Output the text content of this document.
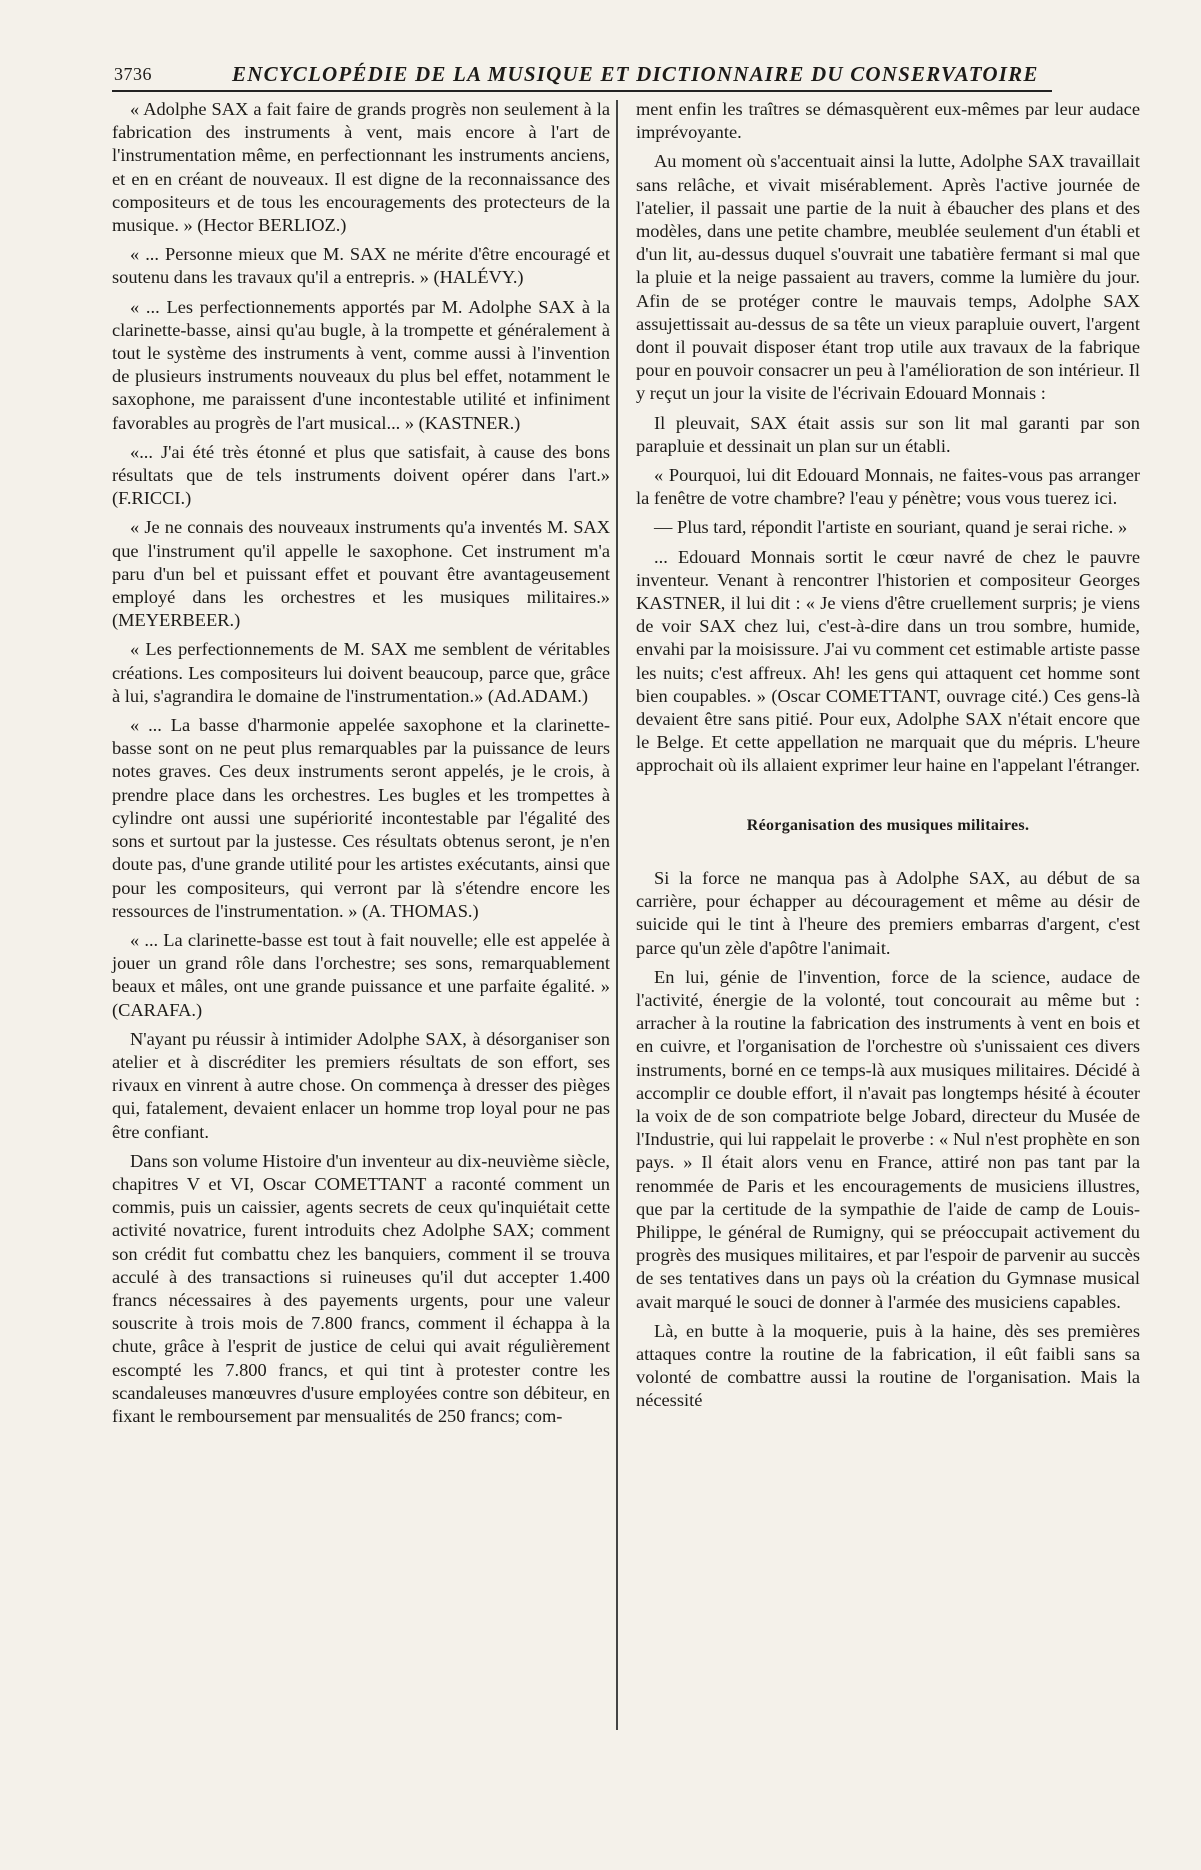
3736	ENCYCLOPÉDIE DE LA MUSIQUE ET DICTIONNAIRE DU CONSERVATOIRE

« Adolphe SAX a fait faire de grands progrès non seulement à la fabrication des instruments à vent, mais encore à l'art de l'instrumentation même, en perfectionnant les instruments anciens, et en en créant de nouveaux. Il est digne de la reconnaissance des compositeurs et de tous les encouragements des protecteurs de la musique. » (Hector BERLIOZ.)

« ... Personne mieux que M. SAX ne mérite d'être encouragé et soutenu dans les travaux qu'il a entrepris. » (HALÉVY.)

« ... Les perfectionnements apportés par M. Adolphe SAX à la clarinette-basse, ainsi qu'au bugle, à la trompette et généralement à tout le système des instruments à vent, comme aussi à l'invention de plusieurs instruments nouveaux du plus bel effet, notamment le saxophone, me paraissent d'une incontestable utilité et infiniment favorables au progrès de l'art musical... » (KASTNER.)

«... J'ai été très étonné et plus que satisfait, à cause des bons résultats que de tels instruments doivent opérer dans l'art.» (F.RICCI.)

« Je ne connais des nouveaux instruments qu'a inventés M. SAX que l'instrument qu'il appelle le saxophone. Cet instrument m'a paru d'un bel et puissant effet et pouvant être avantageusement employé dans les orchestres et les musiques militaires.» (MEYERBEER.)

« Les perfectionnements de M. SAX me semblent de véritables créations. Les compositeurs lui doivent beaucoup, parce que, grâce à lui, s'agrandira le domaine de l'instrumentation.» (Ad.ADAM.)

« ... La basse d'harmonie appelée saxophone et la clarinette-basse sont on ne peut plus remarquables par la puissance de leurs notes graves. Ces deux instruments seront appelés, je le crois, à prendre place dans les orchestres. Les bugles et les trompettes à cylindre ont aussi une supériorité incontestable par l'égalité des sons et surtout par la justesse. Ces résultats obtenus seront, je n'en doute pas, d'une grande utilité pour les artistes exécutants, ainsi que pour les compositeurs, qui verront par là s'étendre encore les ressources de l'instrumentation. » (A. THOMAS.)

« ... La clarinette-basse est tout à fait nouvelle; elle est appelée à jouer un grand rôle dans l'orchestre; ses sons, remarquablement beaux et mâles, ont une grande puissance et une parfaite égalité. » (CARAFA.)

N'ayant pu réussir à intimider Adolphe SAX, à désorganiser son atelier et à discréditer les premiers résultats de son effort, ses rivaux en vinrent à autre chose. On commença à dresser des pièges qui, fatalement, devaient enlacer un homme trop loyal pour ne pas être confiant.

Dans son volume Histoire d'un inventeur au dix-neuvième siècle, chapitres V et VI, Oscar COMETTANT a raconté comment un commis, puis un caissier, agents secrets de ceux qu'inquiétait cette activité novatrice, furent introduits chez Adolphe SAX; comment son crédit fut combattu chez les banquiers, comment il se trouva acculé à des transactions si ruineuses qu'il dut accepter 1.400 francs nécessaires à des payements urgents, pour une valeur souscrite à trois mois de 7.800 francs, comment il échappa à la chute, grâce à l'esprit de justice de celui qui avait régulièrement escompté les 7.800 francs, et qui tint à protester contre les scandaleuses manœuvres d'usure employées contre son débiteur, en fixant le remboursement par mensualités de 250 francs; com-

ment enfin les traîtres se démasquèrent eux-mêmes par leur audace imprévoyante.

Au moment où s'accentuait ainsi la lutte, Adolphe SAX travaillait sans relâche, et vivait misérablement. Après l'active journée de l'atelier, il passait une partie de la nuit à ébaucher des plans et des modèles, dans une petite chambre, meublée seulement d'un établi et d'un lit, au-dessus duquel s'ouvrait une tabatière fermant si mal que la pluie et la neige passaient au travers, comme la lumière du jour. Afin de se protéger contre le mauvais temps, Adolphe SAX assujettissait au-dessus de sa tête un vieux parapluie ouvert, l'argent dont il pouvait disposer étant trop utile aux travaux de la fabrique pour en pouvoir consacrer un peu à l'amélioration de son intérieur. Il y reçut un jour la visite de l'écrivain Edouard Monnais :

Il pleuvait, SAX était assis sur son lit mal garanti par son parapluie et dessinait un plan sur un établi.

« Pourquoi, lui dit Edouard Monnais, ne faites-vous pas arranger la fenêtre de votre chambre? l'eau y pénètre; vous vous tuerez ici.

— Plus tard, répondit l'artiste en souriant, quand je serai riche. »

... Edouard Monnais sortit le cœur navré de chez le pauvre inventeur. Venant à rencontrer l'historien et compositeur Georges KASTNER, il lui dit : « Je viens d'être cruellement surpris; je viens de voir SAX chez lui, c'est-à-dire dans un trou sombre, humide, envahi par la moisissure. J'ai vu comment cet estimable artiste passe les nuits; c'est affreux. Ah! les gens qui attaquent cet homme sont bien coupables. » (Oscar COMETTANT, ouvrage cité.) Ces gens-là devaient être sans pitié. Pour eux, Adolphe SAX n'était encore que le Belge. Et cette appellation ne marquait que du mépris. L'heure approchait où ils allaient exprimer leur haine en l'appelant l'étranger.

Réorganisation des musiques militaires.

Si la force ne manqua pas à Adolphe SAX, au début de sa carrière, pour échapper au découragement et même au désir de suicide qui le tint à l'heure des premiers embarras d'argent, c'est parce qu'un zèle d'apôtre l'animait.

En lui, génie de l'invention, force de la science, audace de l'activité, énergie de la volonté, tout concourait au même but : arracher à la routine la fabrication des instruments à vent en bois et en cuivre, et l'organisation de l'orchestre où s'unissaient ces divers instruments, borné en ce temps-là aux musiques militaires. Décidé à accomplir ce double effort, il n'avait pas longtemps hésité à écouter la voix de de son compatriote belge Jobard, directeur du Musée de l'Industrie, qui lui rappelait le proverbe : « Nul n'est prophète en son pays. » Il était alors venu en France, attiré non pas tant par la renommée de Paris et les encouragements de musiciens illustres, que par la certitude de la sympathie de l'aide de camp de Louis-Philippe, le général de Rumigny, qui se préoccupait activement du progrès des musiques militaires, et par l'espoir de parvenir au succès de ses tentatives dans un pays où la création du Gymnase musical avait marqué le souci de donner à l'armée des musiciens capables.

Là, en butte à la moquerie, puis à la haine, dès ses premières attaques contre la routine de la fabrication, il eût faibli sans sa volonté de combattre aussi la routine de l'organisation. Mais la nécessité
